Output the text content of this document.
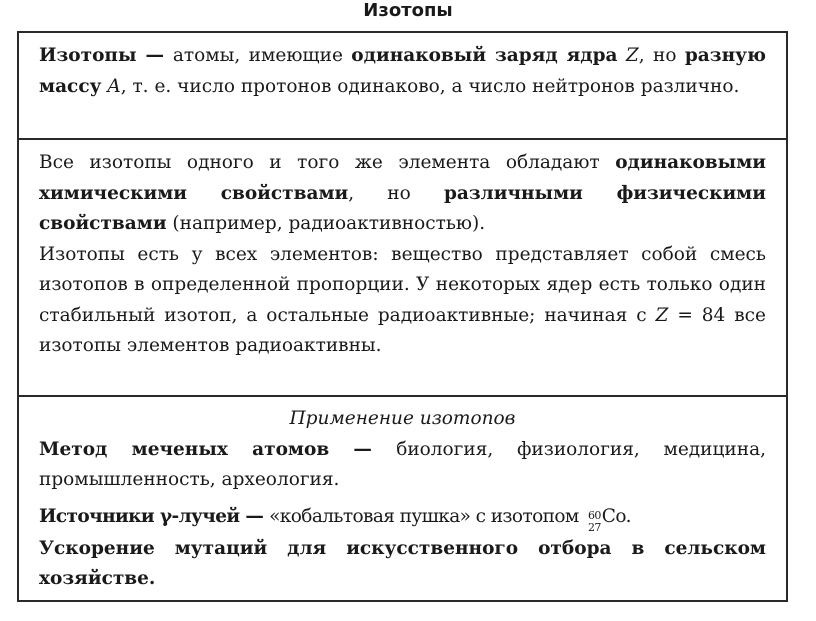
Изотопы

Изотопы — атомы, имеющие одинаковый заряд ядра Z, но разную массу A, т. е. число протонов одинаково, а число нейтронов различно.

Все изотопы одного и того же элемента обладают одинаковыми химическими свойствами, но различными физическими свойствами (например, радиоактивностью).

Изотопы есть у всех элементов: вещество представляет собой смесь изотопов в определенной пропорции. У некоторых ядер есть только один стабильный изотоп, а остальные радиоактивные; начиная с Z = 84 все изотопы элементов радиоактивны.

Применение изотопов

Метод меченых атомов — биология, физиология, медицина, промышленность, археология.

Источники γ-лучей — «кобальтовая пушка» с изотопом 60
27
Co.

Ускорение мутаций для искусственного отбора в сельском хозяйстве.
